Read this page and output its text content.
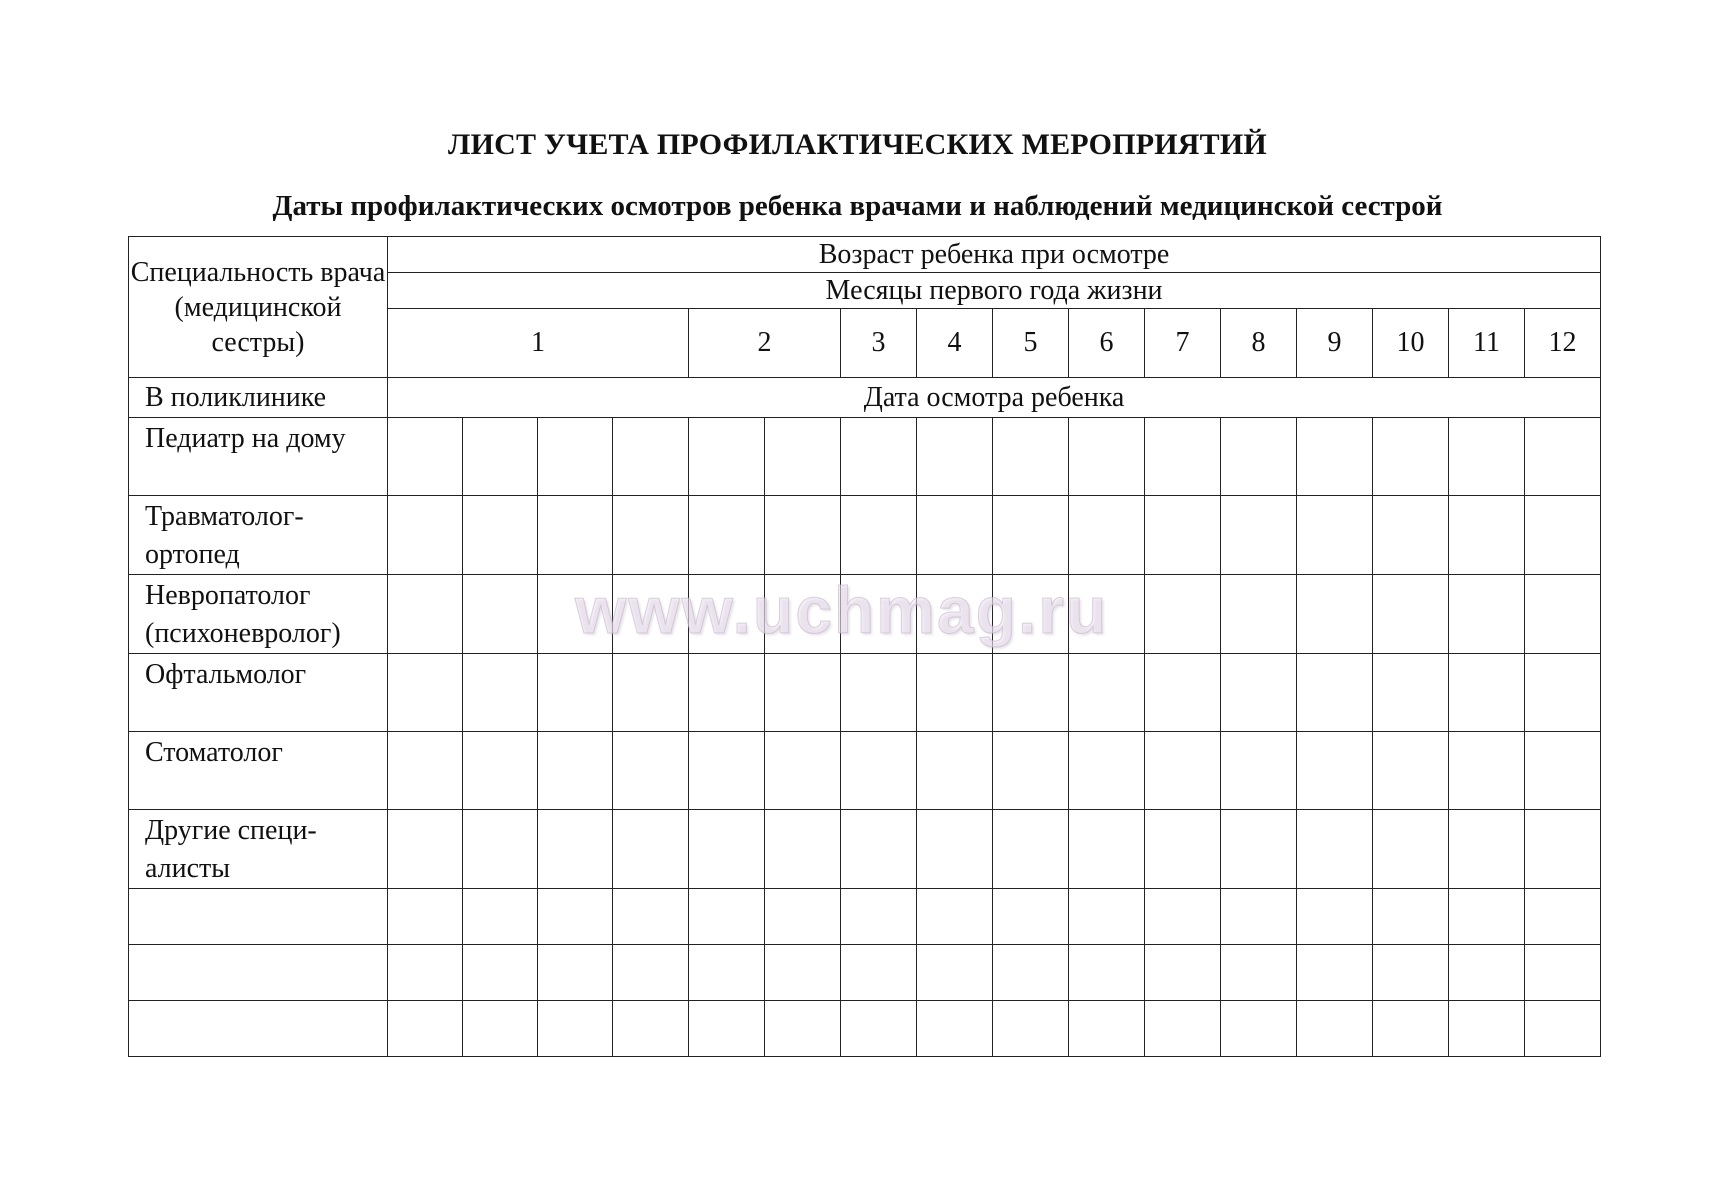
ЛИСТ УЧЕТА ПРОФИЛАКТИЧЕСКИХ МЕРОПРИЯТИЙ
Даты профилактических осмотров ребенка врачами и наблюдений медицинской сестрой
Специальность врача (медицинской сестры)	Возраст ребенка при осмотре															
	Месяцы первого года жизни															
	1				2		3	4	5	6	7	8	9	10	11	12
В поликлинике	Дата осмотра ребенка															
Педиатр на дому																
Травматолог-ортопед																
Невропатолог (психоневролог)																
Офтальмолог																
Стоматолог																
Другие специ-алисты																

www.uchmag.ru
